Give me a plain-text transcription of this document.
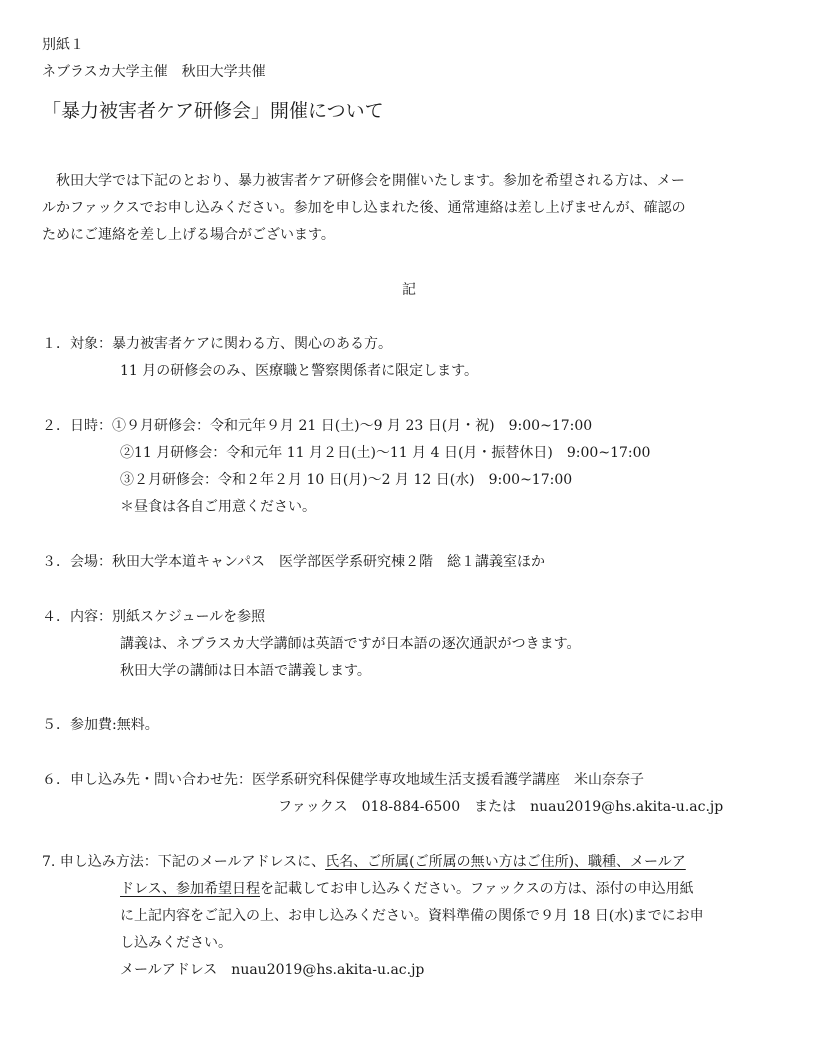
別紙１
ネブラスカ大学主催　秋田大学共催
「暴力被害者ケア研修会」開催について
秋田大学では下記のとおり、暴力被害者ケア研修会を開催いたします。参加を希望される方は、メー
ルかファックスでお申し込みください。参加を申し込まれた後、通常連絡は差し上げませんが、確認の
ためにご連絡を差し上げる場合がございます。
記
１．対象：暴力被害者ケアに関わる方、関心のある方。
11 月の研修会のみ、医療職と警察関係者に限定します。
２．日時：①９月研修会：令和元年９月 21 日(土)～9 月 23 日(月・祝)　9:00~17:00
②11 月研修会：令和元年 11 月２日(土)～11 月 4 日(月・振替休日)　9:00~17:00
③２月研修会：令和２年２月 10 日(月)～2 月 12 日(水)　9:00~17:00
＊昼食は各自ご用意ください。
３．会場：秋田大学本道キャンパス　医学部医学系研究棟２階　総１講義室ほか
４．内容：別紙スケジュールを参照
講義は、ネブラスカ大学講師は英語ですが日本語の逐次通訳がつきます。
秋田大学の講師は日本語で講義します。
５．参加費:無料。
６．申し込み先・問い合わせ先：医学系研究科保健学専攻地域生活支援看護学講座　米山奈奈子
ファックス　018-884-6500　または　nuau2019@hs.akita-u.ac.jp
7. 申し込み方法：下記のメールアドレスに、氏名、ご所属(ご所属の無い方はご住所)、職種、メールア
ドレス、参加希望日程を記載してお申し込みください。ファックスの方は、添付の申込用紙
に上記内容をご記入の上、お申し込みください。資料準備の関係で９月 18 日(水)までにお申
し込みください。
メールアドレス　nuau2019@hs.akita-u.ac.jp
